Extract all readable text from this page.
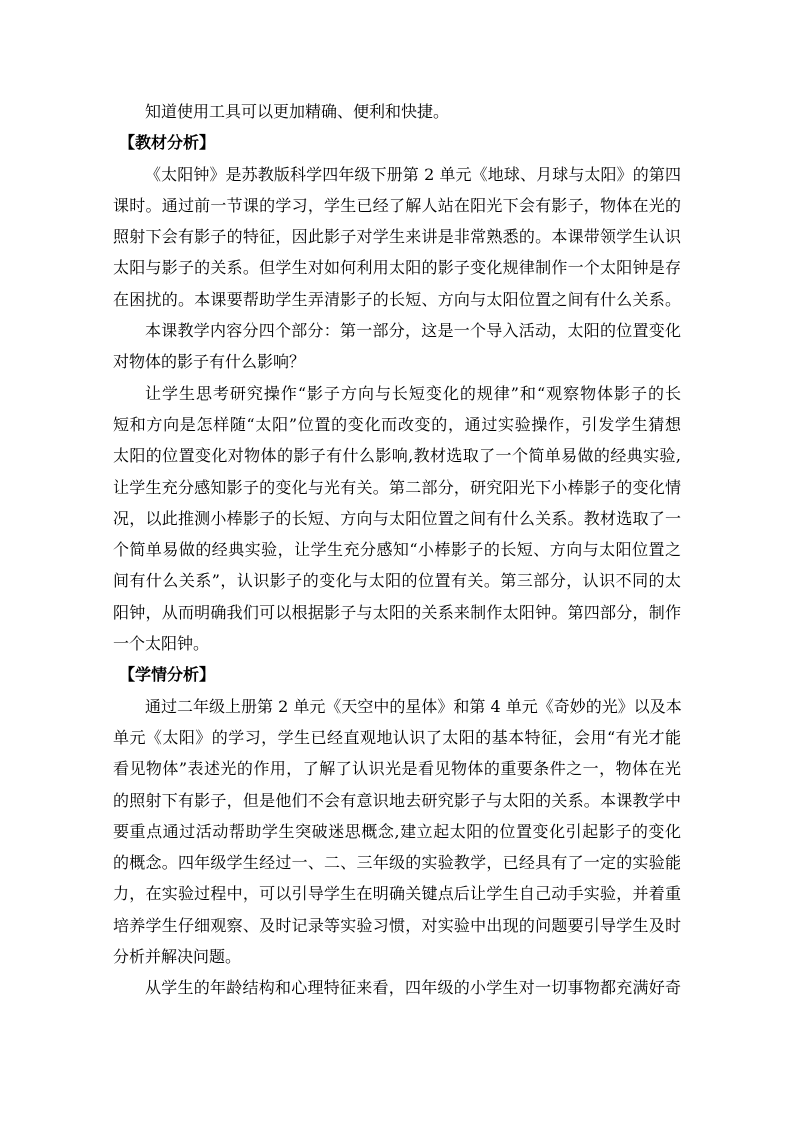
知道使用工具可以更加精确、便利和快捷。
【教材分析】
《太阳钟》是苏教版科学四年级下册第 2 单元《地球、月球与太阳》的第四
课时。通过前一节课的学习，学生已经了解人站在阳光下会有影子，物体在光的
照射下会有影子的特征，因此影子对学生来讲是非常熟悉的。本课带领学生认识
太阳与影子的关系。但学生对如何利用太阳的影子变化规律制作一个太阳钟是存
在困扰的。本课要帮助学生弄清影子的长短、方向与太阳位置之间有什么关系。
本课教学内容分四个部分：第一部分，这是一个导入活动，太阳的位置变化
对物体的影子有什么影响？
让学生思考研究操作“影子方向与长短变化的规律”和“观察物体影子的长
短和方向是怎样随“太阳”位置的变化而改变的，通过实验操作，引发学生猜想
太阳的位置变化对物体的影子有什么影响,教材选取了一个简单易做的经典实验,
让学生充分感知影子的变化与光有关。第二部分，研究阳光下小棒影子的变化情
况，以此推测小棒影子的长短、方向与太阳位置之间有什么关系。教材选取了一
个简单易做的经典实验，让学生充分感知“小棒影子的长短、方向与太阳位置之
间有什么关系”，认识影子的变化与太阳的位置有关。第三部分，认识不同的太
阳钟，从而明确我们可以根据影子与太阳的关系来制作太阳钟。第四部分，制作
一个太阳钟。
【学情分析】
通过二年级上册第 2 单元《天空中的星体》和第 4 单元《奇妙的光》以及本
单元《太阳》的学习，学生已经直观地认识了太阳的基本特征，会用“有光才能
看见物体”表述光的作用，了解了认识光是看见物体的重要条件之一，物体在光
的照射下有影子，但是他们不会有意识地去研究影子与太阳的关系。本课教学中
要重点通过活动帮助学生突破迷思概念,建立起太阳的位置变化引起影子的变化
的概念。四年级学生经过一、二、三年级的实验教学，已经具有了一定的实验能
力，在实验过程中，可以引导学生在明确关键点后让学生自己动手实验，并着重
培养学生仔细观察、及时记录等实验习惯，对实验中出现的问题要引导学生及时
分析并解决问题。
从学生的年龄结构和心理特征来看，四年级的小学生对一切事物都充满好奇
